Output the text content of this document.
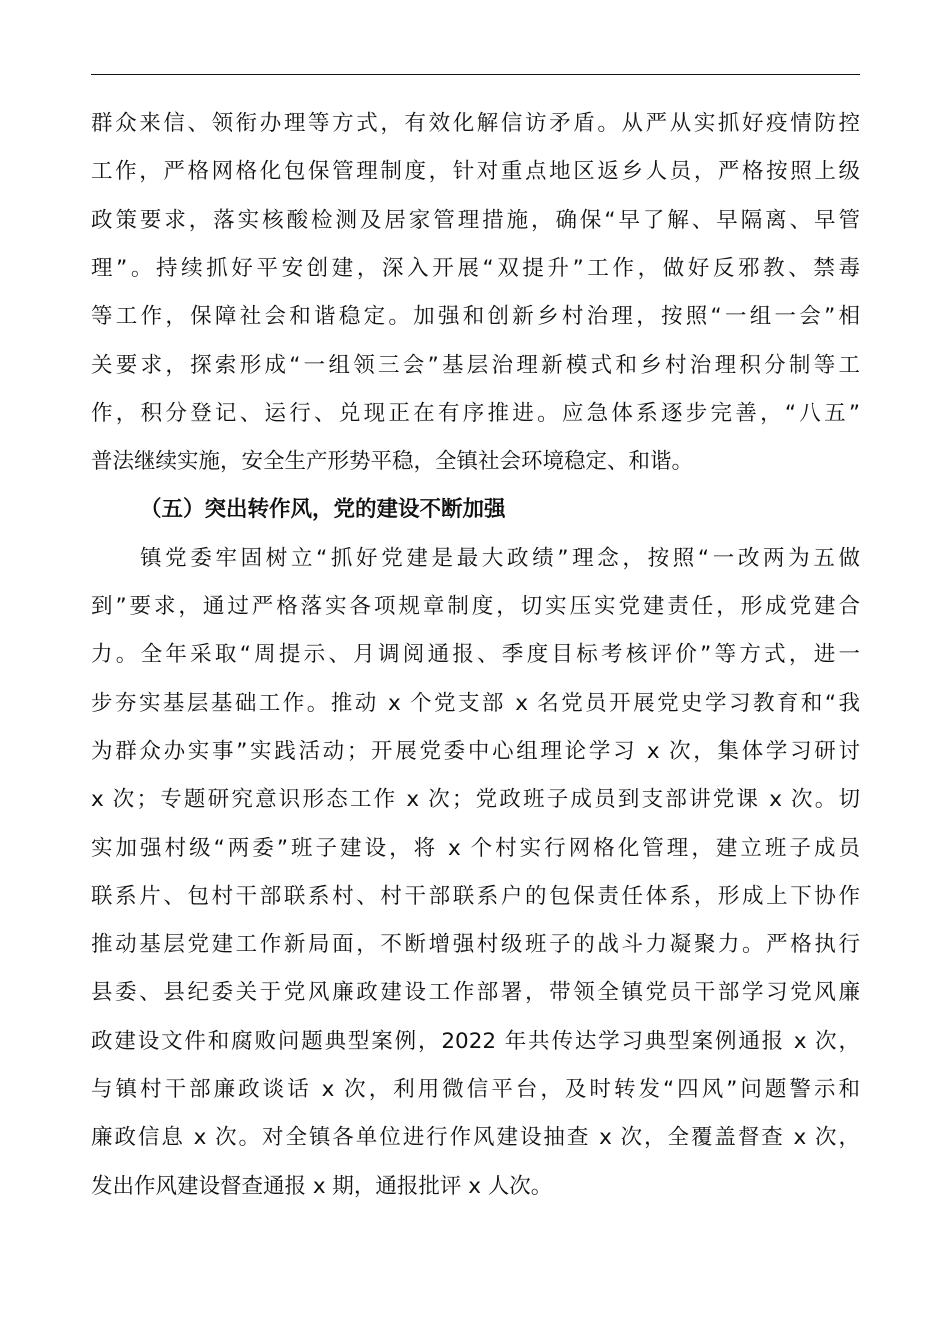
群众来信、领衔办理等方式，有效化解信访矛盾。从严从实抓好疫情防控
工作，严格网格化包保管理制度，针对重点地区返乡人员，严格按照上级
政策要求，落实核酸检测及居家管理措施，确保“早了解、早隔离、早管
理”。持续抓好平安创建，深入开展“双提升”工作，做好反邪教、禁毒
等工作，保障社会和谐稳定。加强和创新乡村治理，按照“一组一会”相
关要求，探索形成“一组领三会”基层治理新模式和乡村治理积分制等工
作，积分登记、运行、兑现正在有序推进。应急体系逐步完善，“八五”
普法继续实施，安全生产形势平稳，全镇社会环境稳定、和谐。
（五）突出转作风，党的建设不断加强
镇党委牢固树立“抓好党建是最大政绩”理念，按照“一改两为五做
到”要求，通过严格落实各项规章制度，切实压实党建责任，形成党建合
力。全年采取“周提示、月调阅通报、季度目标考核评价”等方式，进一
步夯实基层基础工作。推动 x 个党支部 x 名党员开展党史学习教育和“我
为群众办实事”实践活动；开展党委中心组理论学习 x 次，集体学习研讨
x 次；专题研究意识形态工作 x 次；党政班子成员到支部讲党课 x 次。切
实加强村级“两委”班子建设，将 x 个村实行网格化管理，建立班子成员
联系片、包村干部联系村、村干部联系户的包保责任体系，形成上下协作
推动基层党建工作新局面，不断增强村级班子的战斗力凝聚力。严格执行
县委、县纪委关于党风廉政建设工作部署，带领全镇党员干部学习党风廉
政建设文件和腐败问题典型案例，2022 年共传达学习典型案例通报 x 次，
与镇村干部廉政谈话 x 次，利用微信平台，及时转发“四风”问题警示和
廉政信息 x 次。对全镇各单位进行作风建设抽查 x 次，全覆盖督查 x 次，
发出作风建设督查通报 x 期，通报批评 x 人次。
